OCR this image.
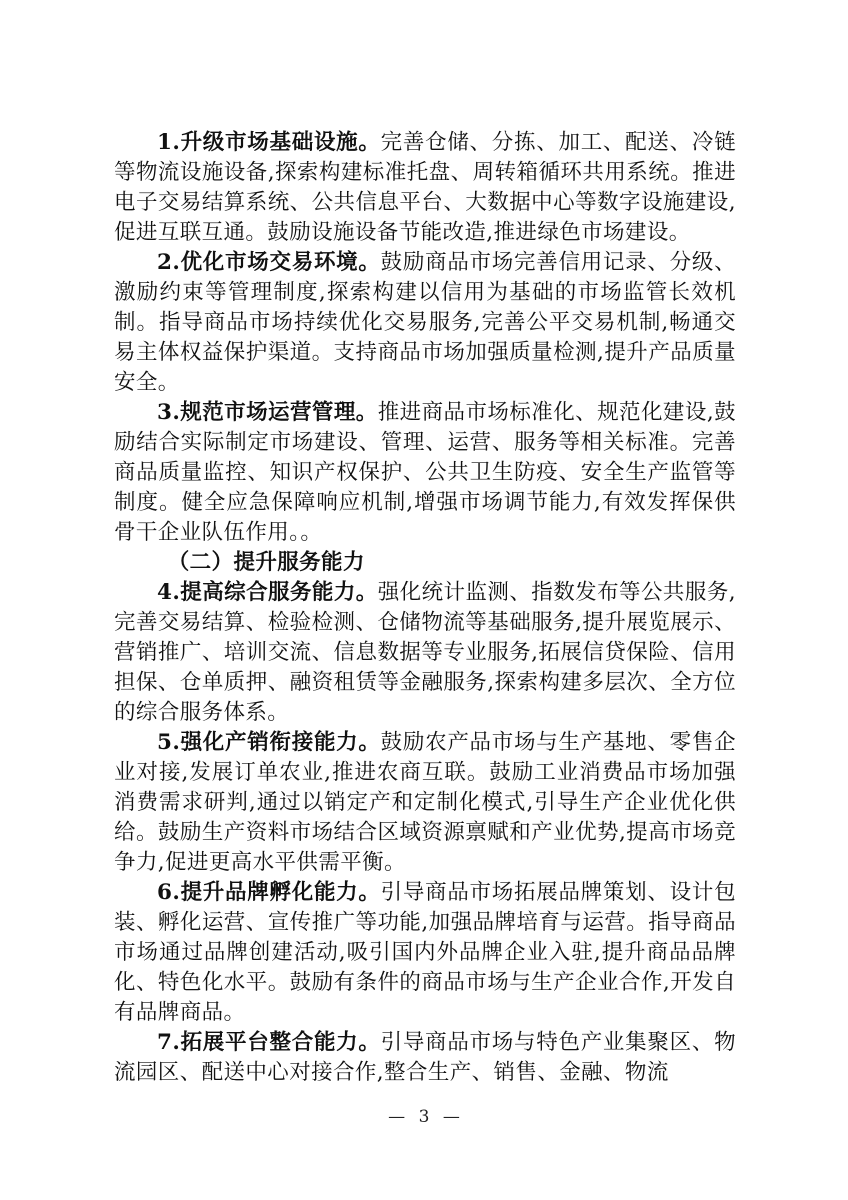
1.升级市场基础设施。完善仓储、分拣、加工、配送、冷链等物流设施设备,探索构建标准托盘、周转箱循环共用系统。推进电子交易结算系统、公共信息平台、大数据中心等数字设施建设,促进互联互通。鼓励设施设备节能改造,推进绿色市场建设。

2.优化市场交易环境。鼓励商品市场完善信用记录、分级、激励约束等管理制度,探索构建以信用为基础的市场监管长效机制。指导商品市场持续优化交易服务,完善公平交易机制,畅通交易主体权益保护渠道。支持商品市场加强质量检测,提升产品质量安全。

3.规范市场运营管理。推进商品市场标准化、规范化建设,鼓励结合实际制定市场建设、管理、运营、服务等相关标准。完善商品质量监控、知识产权保护、公共卫生防疫、安全生产监管等制度。健全应急保障响应机制,增强市场调节能力,有效发挥保供骨干企业队伍作用。。

（二）提升服务能力

4.提高综合服务能力。强化统计监测、指数发布等公共服务,完善交易结算、检验检测、仓储物流等基础服务,提升展览展示、营销推广、培训交流、信息数据等专业服务,拓展信贷保险、信用担保、仓单质押、融资租赁等金融服务,探索构建多层次、全方位的综合服务体系。

5.强化产销衔接能力。鼓励农产品市场与生产基地、零售企业对接,发展订单农业,推进农商互联。鼓励工业消费品市场加强消费需求研判,通过以销定产和定制化模式,引导生产企业优化供给。鼓励生产资料市场结合区域资源禀赋和产业优势,提高市场竞争力,促进更高水平供需平衡。

6.提升品牌孵化能力。引导商品市场拓展品牌策划、设计包装、孵化运营、宣传推广等功能,加强品牌培育与运营。指导商品市场通过品牌创建活动,吸引国内外品牌企业入驻,提升商品品牌化、特色化水平。鼓励有条件的商品市场与生产企业合作,开发自有品牌商品。

7.拓展平台整合能力。引导商品市场与特色产业集聚区、物流园区、配送中心对接合作,整合生产、销售、金融、物流

— 3 —
